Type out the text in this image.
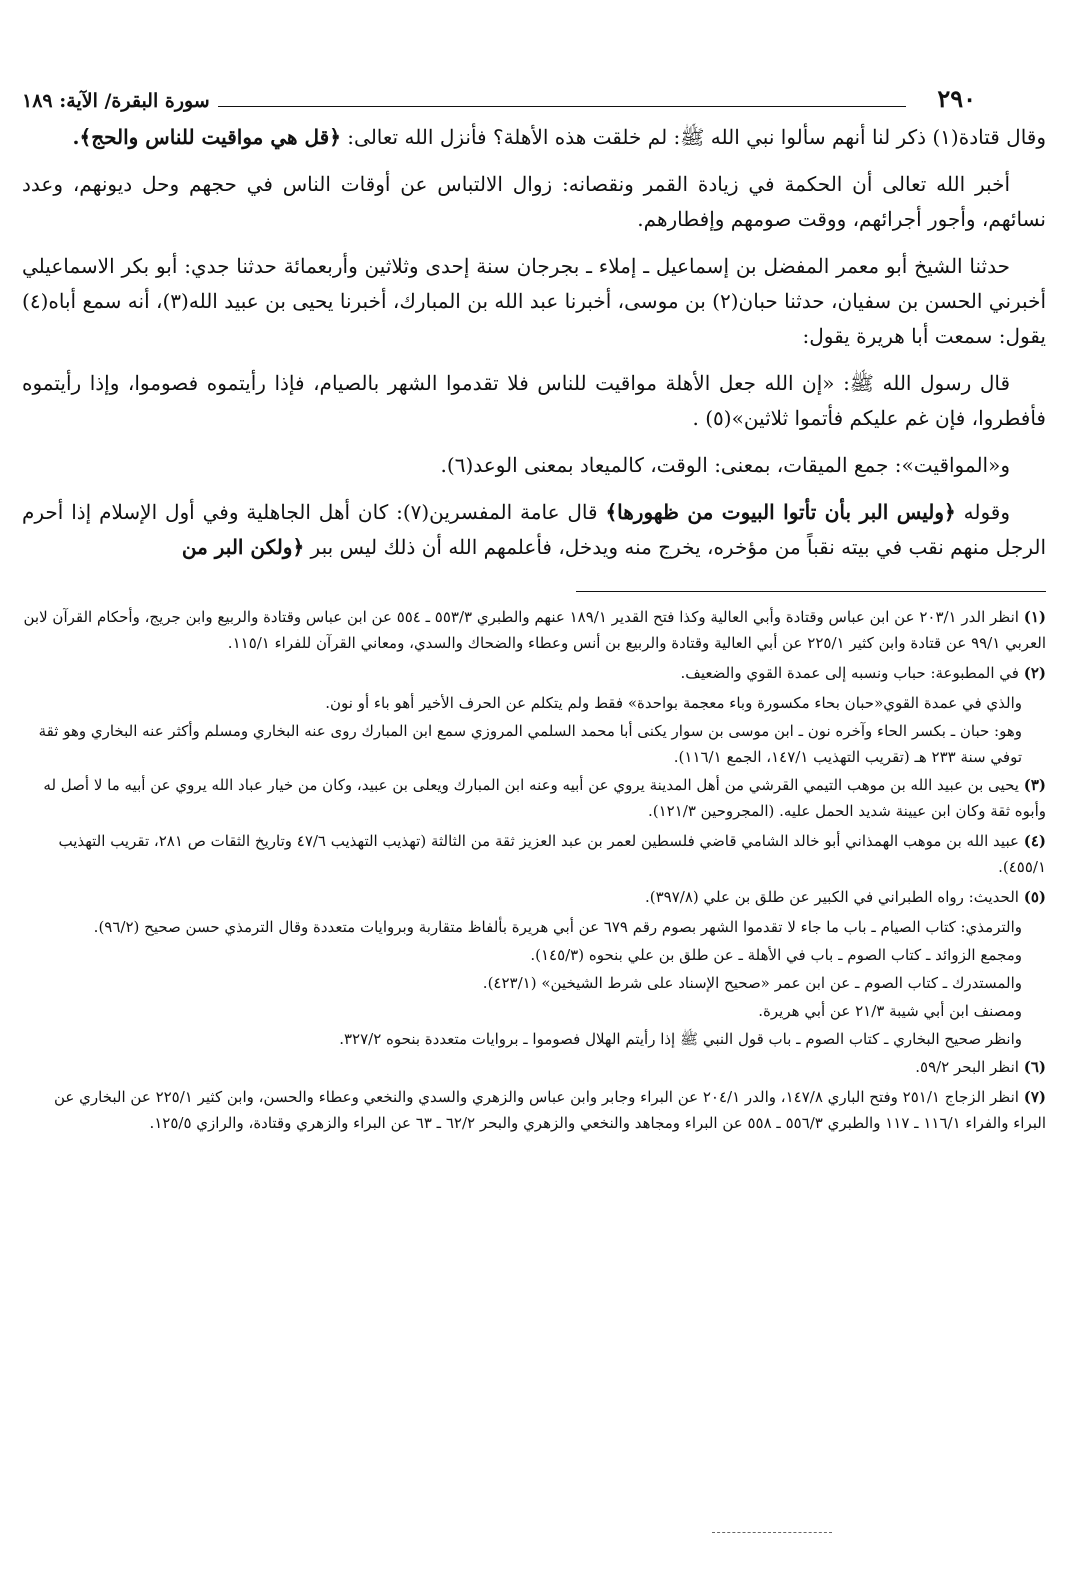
٢٩٠
سورة البقرة/ الآية: ١٨٩

وقال قتادة(١) ذكر لنا أنهم سألوا نبي الله ﷺ: لم خلقت هذه الأهلة؟ فأنزل الله تعالى: ﴿قل هي مواقيت للناس والحج﴾.

أخبر الله تعالى أن الحكمة في زيادة القمر ونقصانه: زوال الالتباس عن أوقات الناس في حجهم وحل ديونهم، وعدد نسائهم، وأجور أجرائهم، ووقت صومهم وإفطارهم.

حدثنا الشيخ أبو معمر المفضل بن إسماعيل ـ إملاء ـ بجرجان سنة إحدى وثلاثين وأربعمائة حدثنا جدي: أبو بكر الاسماعيلي أخبرني الحسن بن سفيان، حدثنا حبان(٢) بن موسى، أخبرنا عبد الله بن المبارك، أخبرنا يحيى بن عبيد الله(٣)، أنه سمع أباه(٤) يقول: سمعت أبا هريرة يقول:

قال رسول الله ﷺ: «إن الله جعل الأهلة مواقيت للناس فلا تقدموا الشهر بالصيام، فإذا رأيتموه فصوموا، وإذا رأيتموه فأفطروا، فإن غم عليكم فأتموا ثلاثين»(٥) .

و«المواقيت»: جمع الميقات، بمعنى: الوقت، كالميعاد بمعنى الوعد(٦).

وقوله ﴿وليس البر بأن تأتوا البيوت من ظهورها﴾ قال عامة المفسرين(٧): كان أهل الجاهلية وفي أول الإسلام إذا أحرم الرجل منهم نقب في بيته نقباً من مؤخره، يخرج منه ويدخل، فأعلمهم الله أن ذلك ليس ببر ﴿ولكن البر من

(١) انظر الدر ٢٠٣/١ عن ابن عباس وقتادة وأبي العالية وكذا فتح القدير ١٨٩/١ عنهم والطبري ٥٥٣/٣ ـ ٥٥٤ عن ابن عباس وقتادة والربيع وابن جريج، وأحكام القرآن لابن العربي ٩٩/١ عن قتادة وابن كثير ٢٢٥/١ عن أبي العالية وقتادة والربيع بن أنس وعطاء والضحاك والسدي، ومعاني القرآن للفراء ١١٥/١.
(٢) في المطبوعة: حباب ونسبه إلى عمدة القوي والضعيف.
والذي في عمدة القوي«حبان بحاء مكسورة وباء معجمة بواحدة» فقط ولم يتكلم عن الحرف الأخير أهو باء أو نون.
وهو: حبان ـ بكسر الحاء وآخره نون ـ ابن موسى بن سوار يكنى أبا محمد السلمي المروزي سمع ابن المبارك روى عنه البخاري ومسلم وأكثر عنه البخاري وهو ثقة توفي سنة ٢٣٣ هـ (تقريب التهذيب ١٤٧/١، الجمع ١١٦/١).
(٣) يحيى بن عبيد الله بن موهب التيمي القرشي من أهل المدينة يروي عن أبيه وعنه ابن المبارك ويعلى بن عبيد، وكان من خيار عباد الله يروي عن أبيه ما لا أصل له وأبوه ثقة وكان ابن عيينة شديد الحمل عليه. (المجروحين ١٢١/٣).
(٤) عبيد الله بن موهب الهمذاني أبو خالد الشامي قاضي فلسطين لعمر بن عبد العزيز ثقة من الثالثة (تهذيب التهذيب ٤٧/٦ وتاريخ الثقات ص ٢٨١، تقريب التهذيب ٤٥٥/١).
(٥) الحديث: رواه الطبراني في الكبير عن طلق بن علي (٣٩٧/٨).
والترمذي: كتاب الصيام ـ باب ما جاء لا تقدموا الشهر بصوم رقم ٦٧٩ عن أبي هريرة بألفاظ متقاربة وبروايات متعددة وقال الترمذي حسن صحيح (٩٦/٢).
ومجمع الزوائد ـ كتاب الصوم ـ باب في الأهلة ـ عن طلق بن علي بنحوه (١٤٥/٣).
والمستدرك ـ كتاب الصوم ـ عن ابن عمر «صحيح الإسناد على شرط الشيخين» (٤٢٣/١).
ومصنف ابن أبي شيبة ٢١/٣ عن أبي هريرة.
وانظر صحيح البخاري ـ كتاب الصوم ـ باب قول النبي ﷺ إذا رأيتم الهلال فصوموا ـ بروايات متعددة بنحوه ٣٢٧/٢.
(٦) انظر البحر ٥٩/٢.
(٧) انظر الزجاج ٢٥١/١ وفتح الباري ١٤٧/٨، والدر ٢٠٤/١ عن البراء وجابر وابن عباس والزهري والسدي والنخعي وعطاء والحسن، وابن كثير ٢٢٥/١ عن البخاري عن البراء والفراء ١١٦/١ ـ ١١٧ والطبري ٥٥٦/٣ ـ ٥٥٨ عن البراء ومجاهد والنخعي والزهري والبحر ٦٢/٢ ـ ٦٣ عن البراء والزهري وقتادة، والرازي ١٢٥/٥.
